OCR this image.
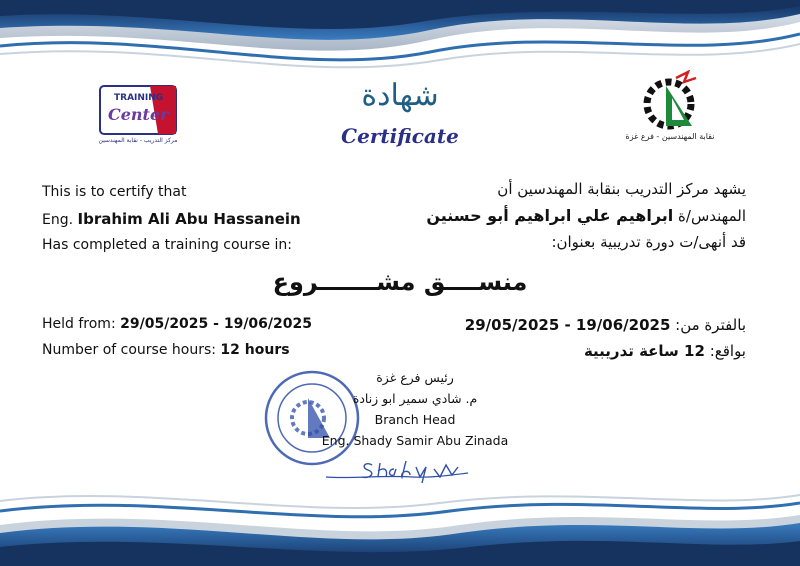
TRAINING
Center
مركز التدريب - نقابة المهندسين	نقابة المهندسين - فرع غزة
شهادة
Certificate
This is to certify that
Eng. Ibrahim Ali Abu Hassanein
Has completed a training course in:
Held from: 29/05/2025 - 19/06/2025
Number of course hours: 12 hours
يشهد مركز التدريب بنقابة المهندسين أن
المهندس/ة ابراهيم علي ابراهيم أبو حسنين
قد أنهى/ت دورة تدريبية بعنوان:
بالفترة من: 19/06/2025 - 29/05/2025
بواقع: 12 ساعة تدريبية
منســــق مشـــــــروع
رئيس فرع غزة
م. شادي سمير ابو زنادة
Branch Head
Eng. Shady Samir Abu Zinada
